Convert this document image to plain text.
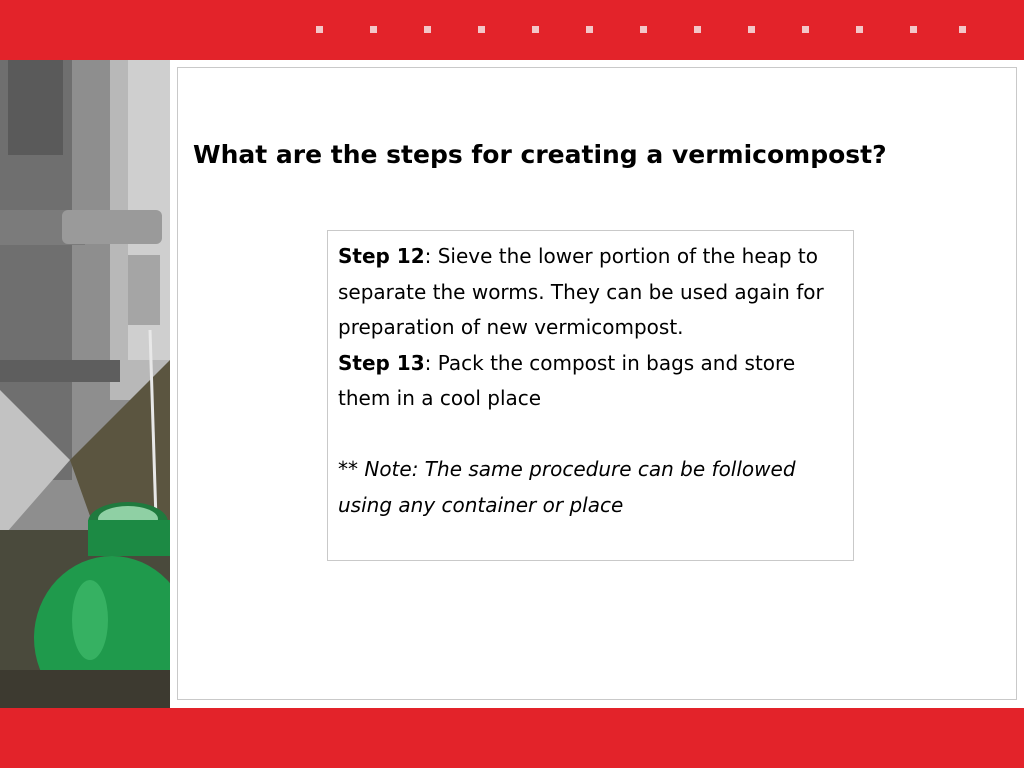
What are the steps for creating a vermicompost?

Step 12: Sieve the lower portion of the heap to separate the worms. They can be used again for preparation of new vermicompost.

Step 13: Pack the compost in bags and store them in a cool place

** Note: The same procedure can be followed using any container or place
